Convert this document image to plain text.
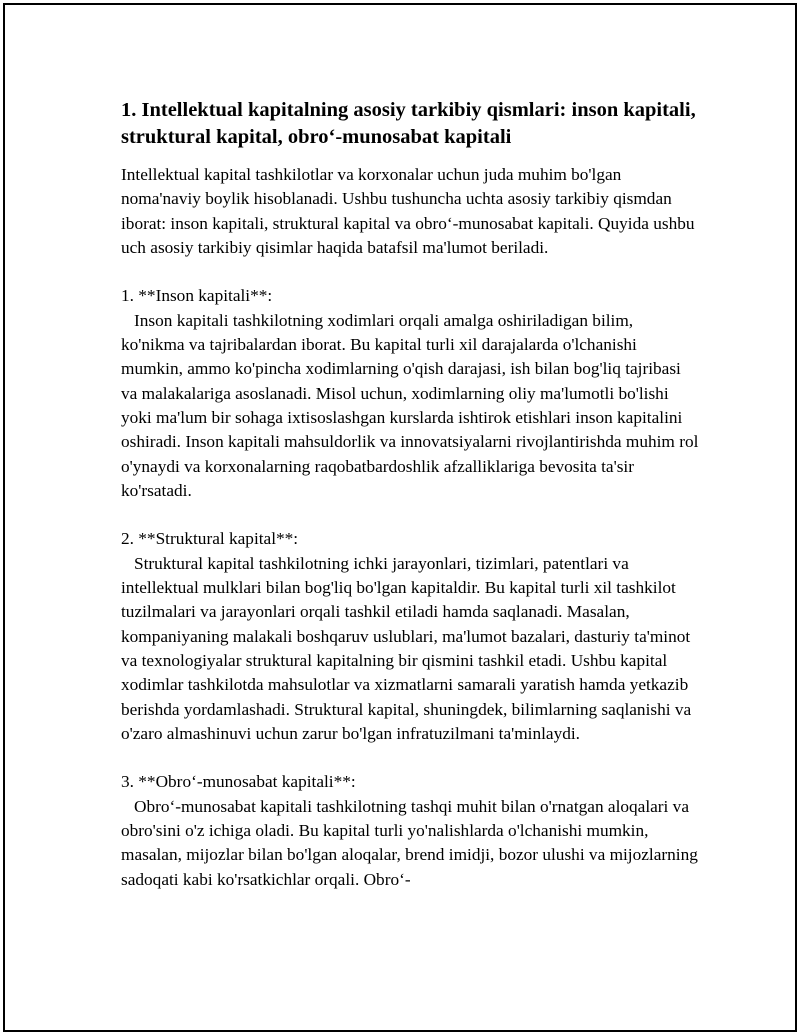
1. Intellektual kapitalning asosiy tarkibiy qismlari: inson kapitali, struktural kapital, obro‘-munosabat kapitali

Intellektual kapital tashkilotlar va korxonalar uchun juda muhim bo'lgan noma'naviy boylik hisoblanadi. Ushbu tushuncha uchta asosiy tarkibiy qismdan iborat: inson kapitali, struktural kapital va obro‘-munosabat kapitali. Quyida ushbu uch asosiy tarkibiy qisimlar haqida batafsil ma'lumot beriladi.

1. **Inson kapitali**:

Inson kapitali tashkilotning xodimlari orqali amalga oshiriladigan bilim, ko'nikma va tajribalardan iborat. Bu kapital turli xil darajalarda o'lchanishi mumkin, ammo ko'pincha xodimlarning o'qish darajasi, ish bilan bog'liq tajribasi va malakalariga asoslanadi. Misol uchun, xodimlarning oliy ma'lumotli bo'lishi yoki ma'lum bir sohaga ixtisoslashgan kurslarda ishtirok etishlari inson kapitalini oshiradi. Inson kapitali mahsuldorlik va innovatsiyalarni rivojlantirishda muhim rol o'ynaydi va korxonalarning raqobatbardoshlik afzalliklariga bevosita ta'sir ko'rsatadi.

2. **Struktural kapital**:

Struktural kapital tashkilotning ichki jarayonlari, tizimlari, patentlari va intellektual mulklari bilan bog'liq bo'lgan kapitaldir. Bu kapital turli xil tashkilot tuzilmalari va jarayonlari orqali tashkil etiladi hamda saqlanadi. Masalan, kompaniyaning malakali boshqaruv uslublari, ma'lumot bazalari, dasturiy ta'minot va texnologiyalar struktural kapitalning bir qismini tashkil etadi. Ushbu kapital xodimlar tashkilotda mahsulotlar va xizmatlarni samarali yaratish hamda yetkazib berishda yordamlashadi. Struktural kapital, shuningdek, bilimlarning saqlanishi va o'zaro almashinuvi uchun zarur bo'lgan infratuzilmani ta'minlaydi.

3. **Obro‘-munosabat kapitali**:

Obro‘-munosabat kapitali tashkilotning tashqi muhit bilan o'rnatgan aloqalari va obro'sini o'z ichiga oladi. Bu kapital turli yo'nalishlarda o'lchanishi mumkin, masalan, mijozlar bilan bo'lgan aloqalar, brend imidji, bozor ulushi va mijozlarning sadoqati kabi ko'rsatkichlar orqali. Obro‘-
